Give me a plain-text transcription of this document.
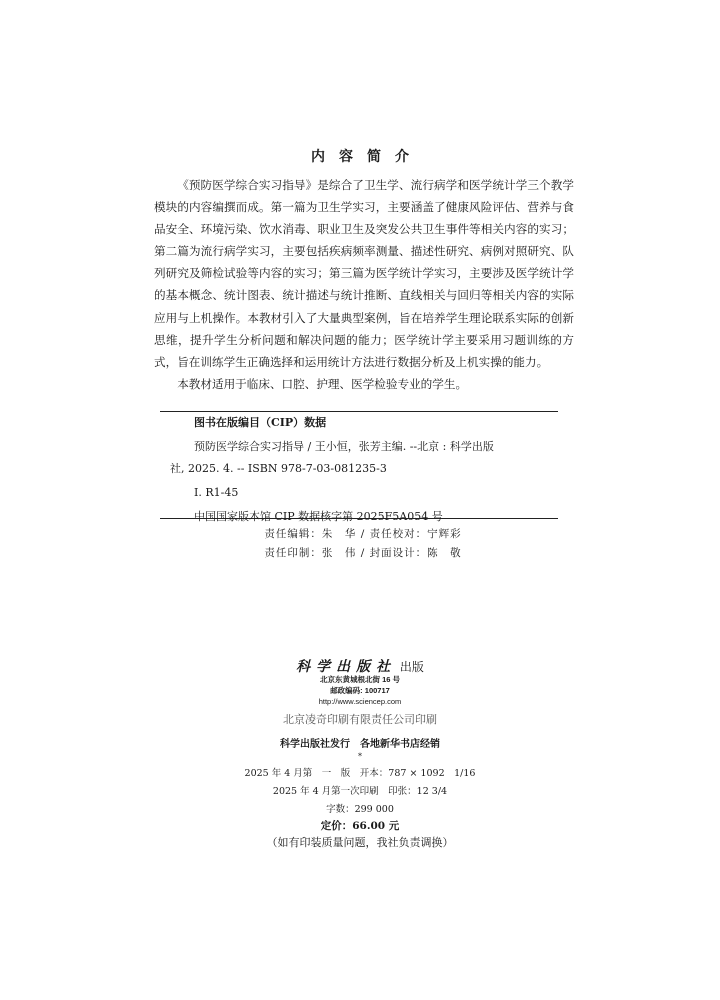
内容简介

《预防医学综合实习指导》是综合了卫生学、流行病学和医学统计学三个教学模块的内容编撰而成。第一篇为卫生学实习，主要涵盖了健康风险评估、营养与食品安全、环境污染、饮水消毒、职业卫生及突发公共卫生事件等相关内容的实习；第二篇为流行病学实习，主要包括疾病频率测量、描述性研究、病例对照研究、队列研究及筛检试验等内容的实习；第三篇为医学统计学实习，主要涉及医学统计学的基本概念、统计图表、统计描述与统计推断、直线相关与回归等相关内容的实际应用与上机操作。本教材引入了大量典型案例，旨在培养学生理论联系实际的创新思维，提升学生分析问题和解决问题的能力；医学统计学主要采用习题训练的方式，旨在训练学生正确选择和运用统计方法进行数据分析及上机实操的能力。

本教材适用于临床、口腔、护理、医学检验专业的学生。

图书在版编目（CIP）数据
预防医学综合实习指导 / 王小恒，张芳主编. --北京 : 科学出版
社, 2025. 4. -- ISBN 978-7-03-081235-3
Ⅰ. R1-45
中国国家版本馆 CIP 数据核字第 2025F5A054 号
责任编辑：朱　华 / 责任校对：宁辉彩
责任印制：张　伟 / 封面设计：陈　敬
科学出版社 出版
北京东黄城根北街 16 号
邮政编码: 100717
http://www.sciencep.com
北京凌奇印刷有限责任公司印刷
科学出版社发行　各地新华书店经销
*
2025 年 4 月第　一　版　开本：787 × 1092　1/16
2025 年 4 月第一次印刷　印张：12 3/4
字数：299 000
定价：66.00 元
（如有印装质量问题，我社负责调换）
